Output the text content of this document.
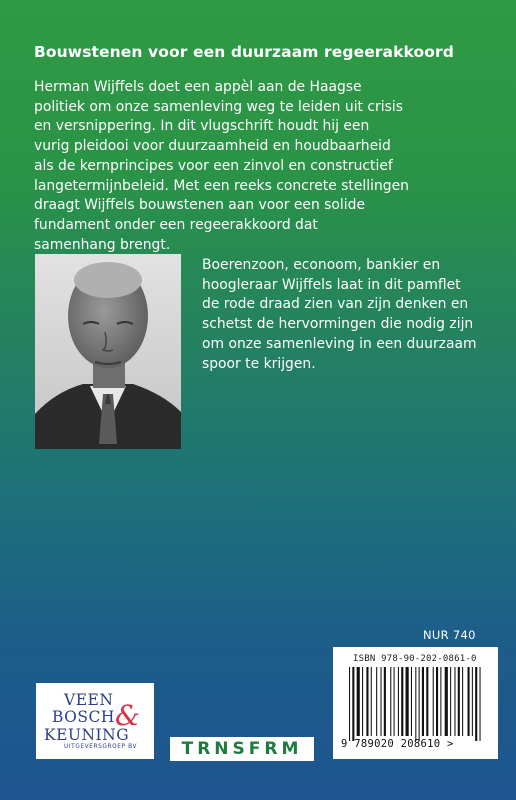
Bouwstenen voor een duurzaam regeerakkoord
Herman Wijffels doet een appèl aan de Haagse
politiek om onze samenleving weg te leiden uit crisis
en versnippering. In dit vlugschrift houdt hij een
vurig pleidooi voor duurzaamheid en houdbaarheid
als de kernprincipes voor een zinvol en constructief
langetermijnbeleid. Met een reeks concrete stellingen
draagt Wijffels bouwstenen aan voor een solide
fundament onder een regeerakkoord dat
samenhang brengt.
Boerenzoon, econoom, bankier en
hoogleraar Wijffels laat in dit pamflet
de rode draad zien van zijn denken en
schetst de hervormingen die nodig zijn
om onze samenleving in een duurzaam
spoor te krijgen.
NUR 740
ISBN 978-90-202-0861-0
9 789020 208610 >
VEEN
BOSCH &
KEUNING
UITGEVERSGROEP BV	TRNSFRM
